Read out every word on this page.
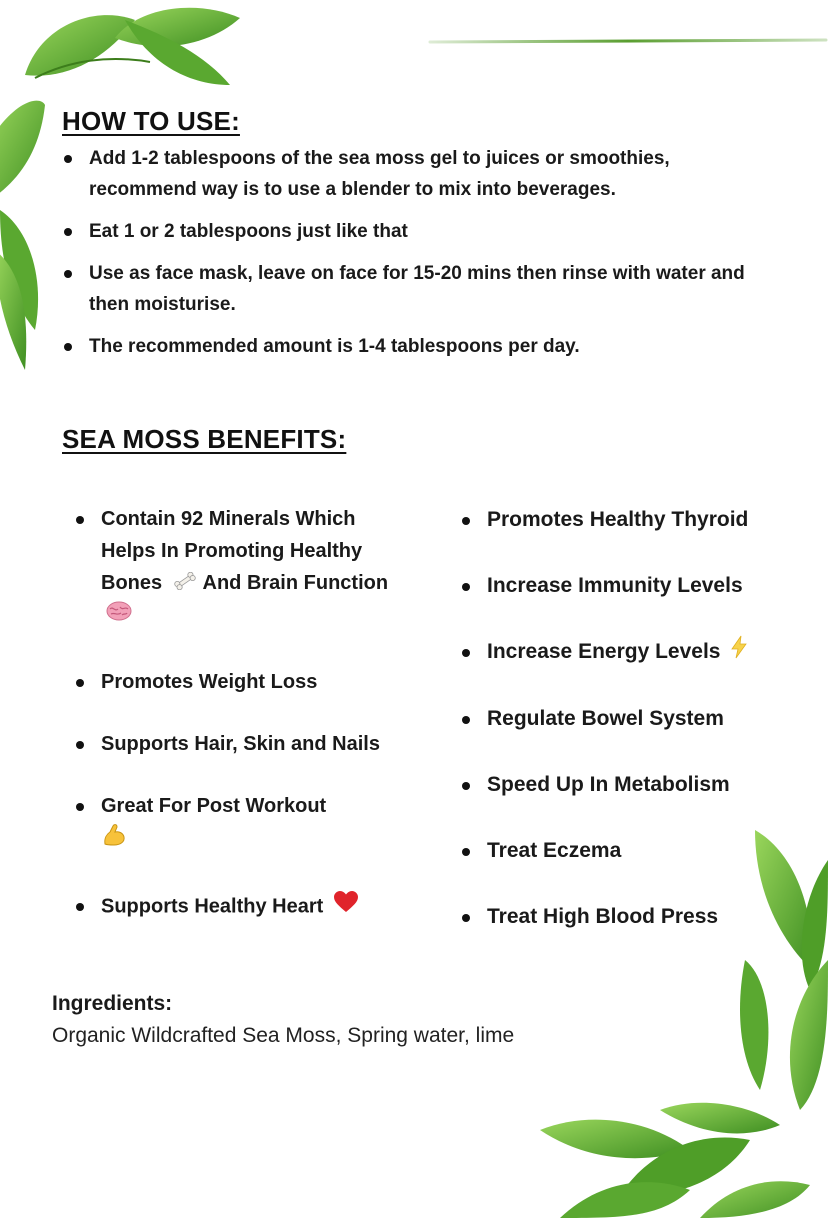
HOW TO USE:
Add 1-2 tablespoons of the sea moss gel to juices or smoothies, recommend way is to use a blender to mix into beverages.
Eat 1 or 2 tablespoons just like that
Use as face mask, leave on face for 15-20 mins then rinse with water and then moisturise.
The recommended amount is 1-4 tablespoons per day.
SEA MOSS BENEFITS:
Contain 92 Minerals Which Helps In Promoting Healthy Bones And Brain Function
Promotes Weight Loss
Supports Hair, Skin and Nails
Great For Post Workout

Supports Healthy Heart
Promotes Healthy Thyroid
Increase Immunity Levels
Increase Energy Levels
Regulate Bowel System
Speed Up In Metabolism
Treat Eczema
Treat High Blood Press
Ingredients:
Organic Wildcrafted Sea Moss, Spring water, lime
